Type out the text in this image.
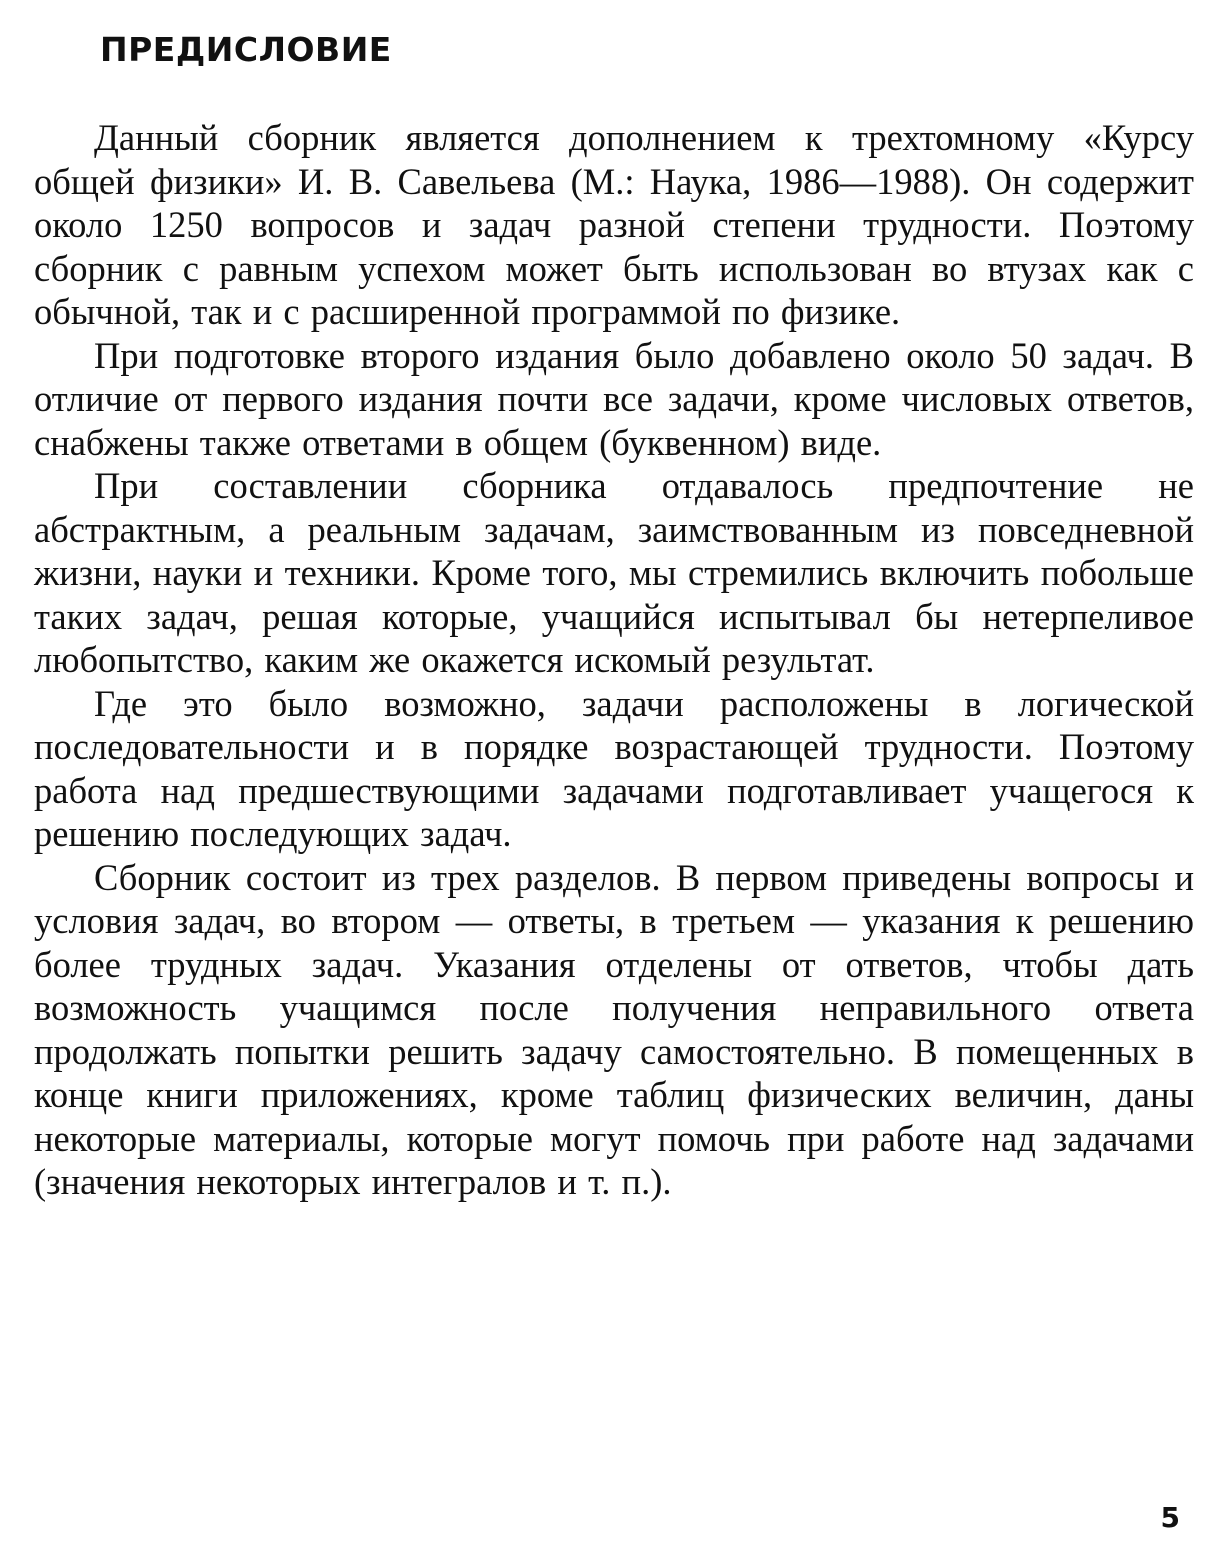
ПРЕДИСЛОВИЕ

Данный сборник является дополнением к трехтомному «Курсу общей физики» И. В. Савельева (М.: Наука, 1986—1988). Он содержит около 1250 вопросов и задач разной степени трудности. Поэтому сборник с равным успехом может быть использован во втузах как с обычной, так и с расширенной программой по физике.

При подготовке второго издания было добавлено около 50 задач. В отличие от первого издания почти все задачи, кроме числовых ответов, снабжены также ответами в общем (буквенном) виде.

При составлении сборника отдавалось предпочтение не абстрактным, а реальным задачам, заимствованным из повседневной жизни, науки и техники. Кроме того, мы стремились включить побольше таких задач, решая которые, учащийся испытывал бы нетерпеливое любопытство, каким же окажется искомый результат.

Где это было возможно, задачи расположены в логической последовательности и в порядке возрастающей трудности. Поэтому работа над предшествующими задачами подготавливает учащегося к решению последующих задач.

Сборник состоит из трех разделов. В первом приведены вопросы и условия задач, во втором — ответы, в третьем — указания к решению более трудных задач. Указания отделены от ответов, чтобы дать возможность учащимся после получения неправильного ответа продолжать попытки решить задачу самостоятельно. В помещенных в конце книги приложениях, кроме таблиц физических величин, даны некоторые материалы, которые могут помочь при работе над задачами (значения некоторых интегралов и т. п.).

5
